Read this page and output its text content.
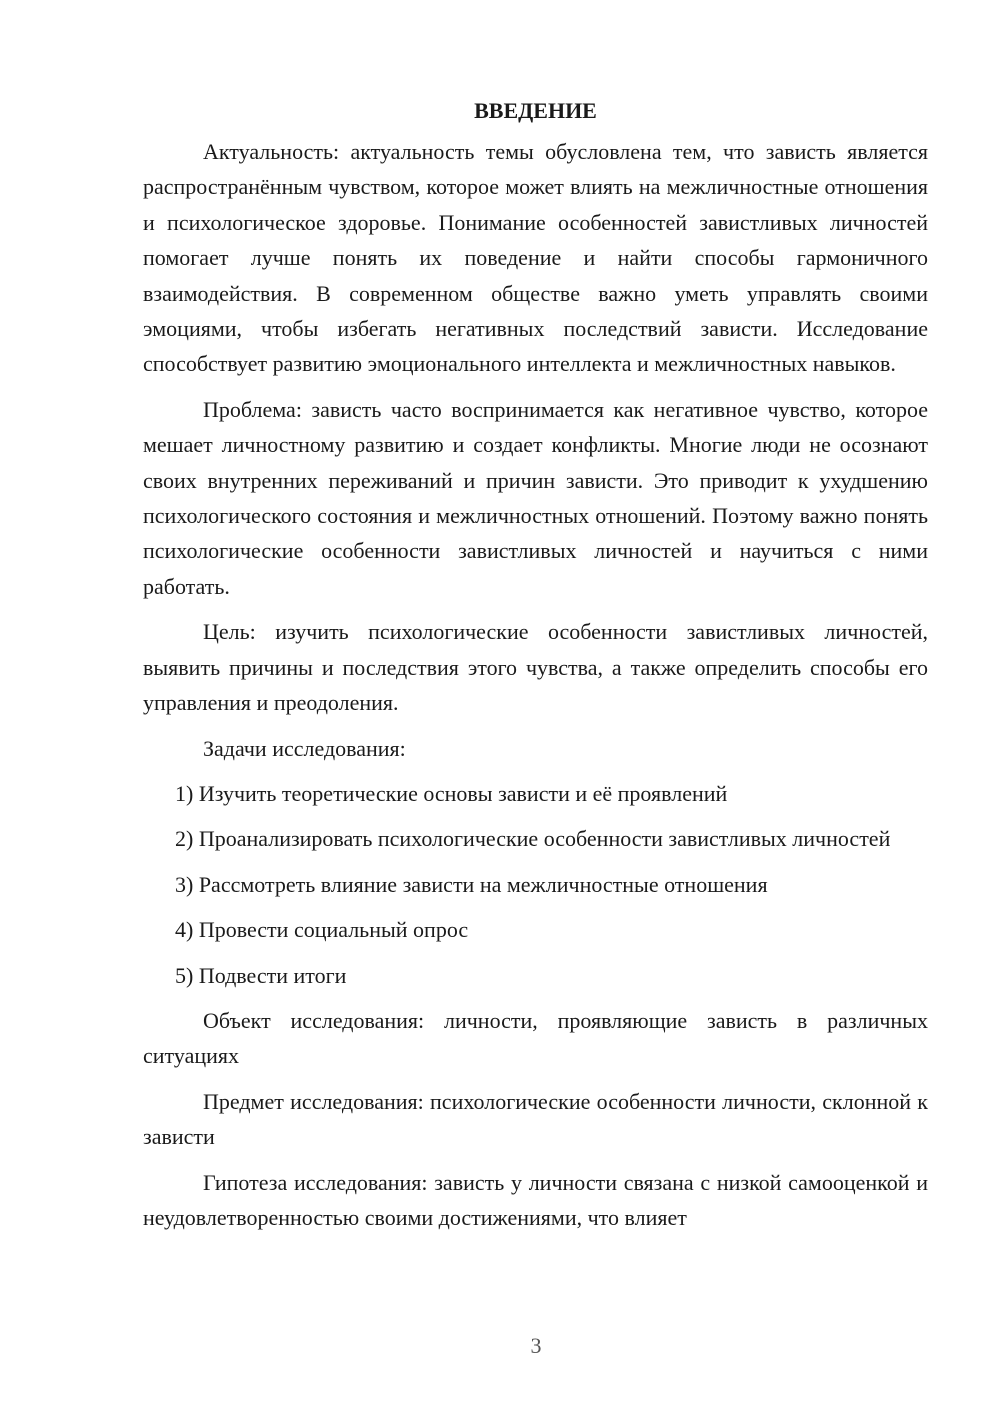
ВВЕДЕНИЕ

Актуальность: актуальность темы обусловлена тем, что зависть является распространённым чувством, которое может влиять на межличностные отношения и психологическое здоровье. Понимание особенностей завистливых личностей помогает лучше понять их поведение и найти способы гармоничного взаимодействия. В современном обществе важно уметь управлять своими эмоциями, чтобы избегать негативных последствий зависти. Исследование способствует развитию эмоционального интеллекта и межличностных навыков.

Проблема: зависть часто воспринимается как негативное чувство, которое мешает личностному развитию и создает конфликты. Многие люди не осознают своих внутренних переживаний и причин зависти. Это приводит к ухудшению психологического состояния и межличностных отношений. Поэтому важно понять психологические особенности завистливых личностей и научиться с ними работать.

Цель: изучить психологические особенности завистливых личностей, выявить причины и последствия этого чувства, а также определить способы его управления и преодоления.

Задачи исследования:

1) Изучить теоретические основы зависти и её проявлений

2) Проанализировать психологические особенности завистливых личностей

3) Рассмотреть влияние зависти на межличностные отношения

4) Провести социальный опрос

5) Подвести итоги

Объект исследования: личности, проявляющие зависть в различных ситуациях

Предмет исследования: психологические особенности личности, склонной к зависти

Гипотеза исследования: зависть у личности связана с низкой самооценкой и неудовлетворенностью своими достижениями, что влияет

3
